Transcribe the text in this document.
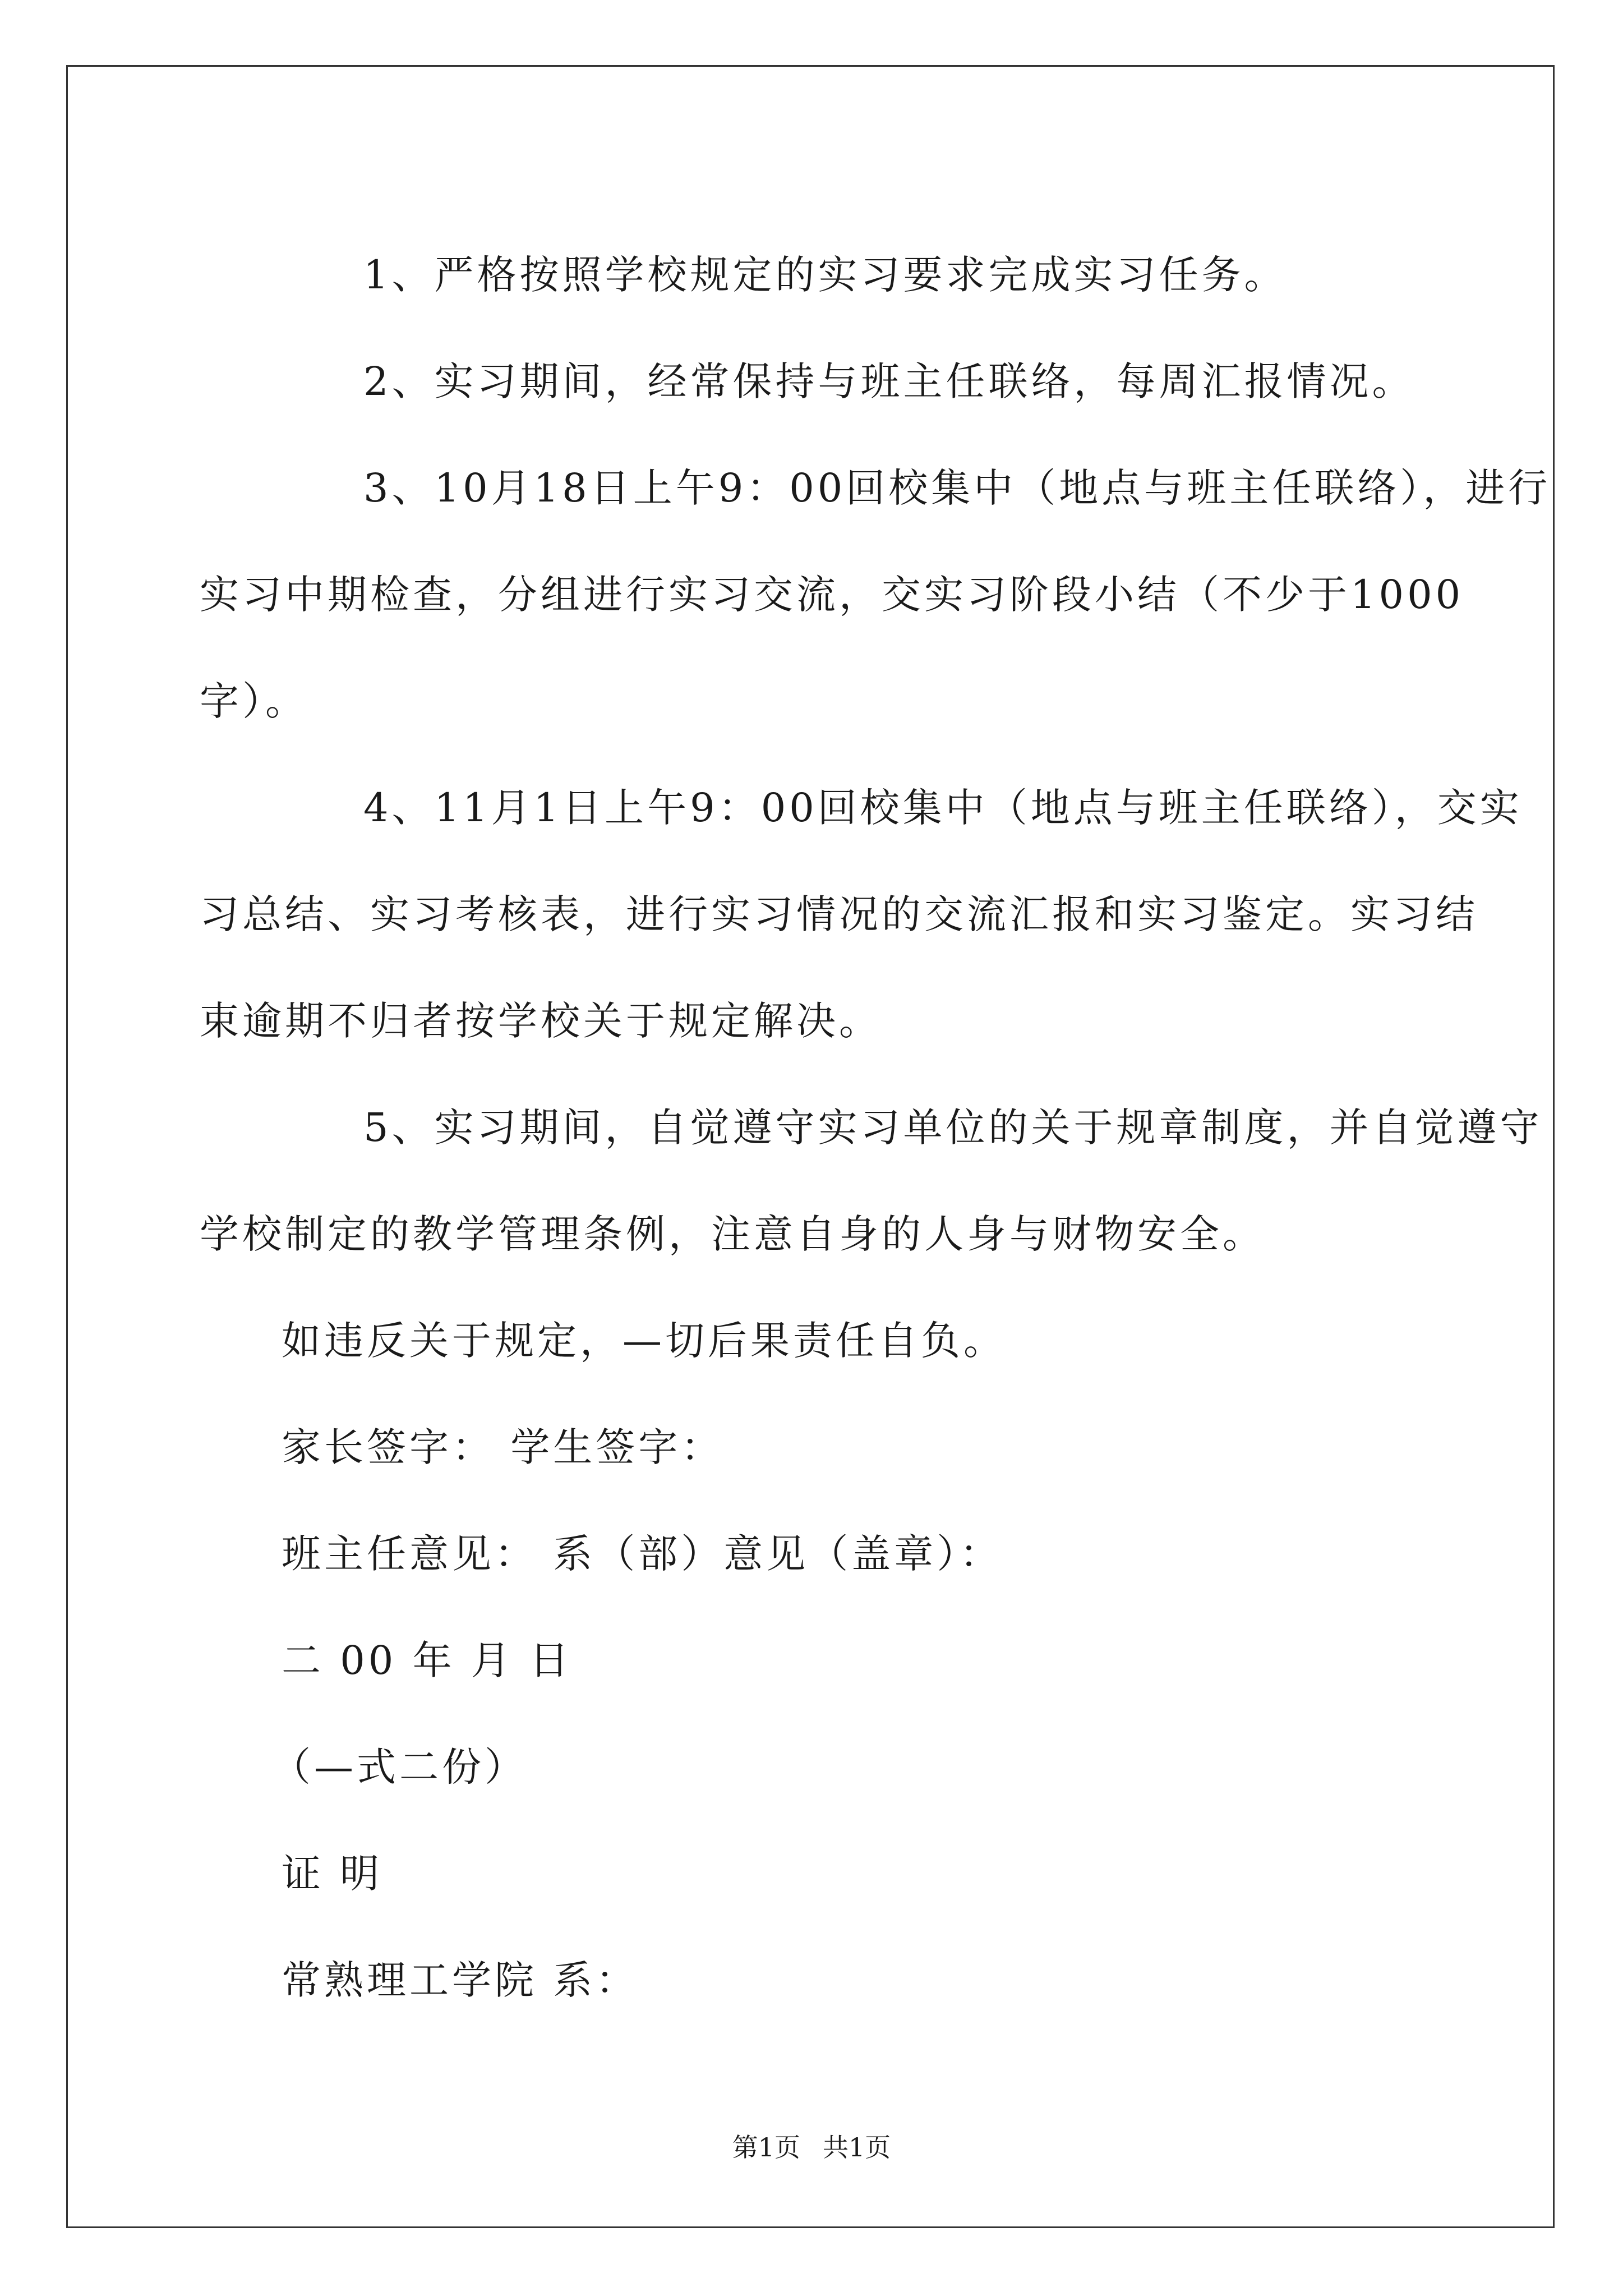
1、严格按照学校规定的实习要求完成实习任务。

2、实习期间，经常保持与班主任联络，每周汇报情况。

3、10月18日上午9：00回校集中（地点与班主任联络），进行

实习中期检查，分组进行实习交流，交实习阶段小结（不少于1000

字）。

4、11月1日上午9：00回校集中（地点与班主任联络），交实

习总结、实习考核表，进行实习情况的交流汇报和实习鉴定。实习结

束逾期不归者按学校关于规定解决。

5、实习期间，自觉遵守实习单位的关于规章制度，并自觉遵守

学校制定的教学管理条例，注意自身的人身与财物安全。

如违反关于规定，—切后果责任自负。

家长签字： 学生签字：

班主任意见： 系（部）意见（盖章）：

二 00 年 月 日

（—式二份）

证 明

常熟理工学院 系：

第1页 共1页
